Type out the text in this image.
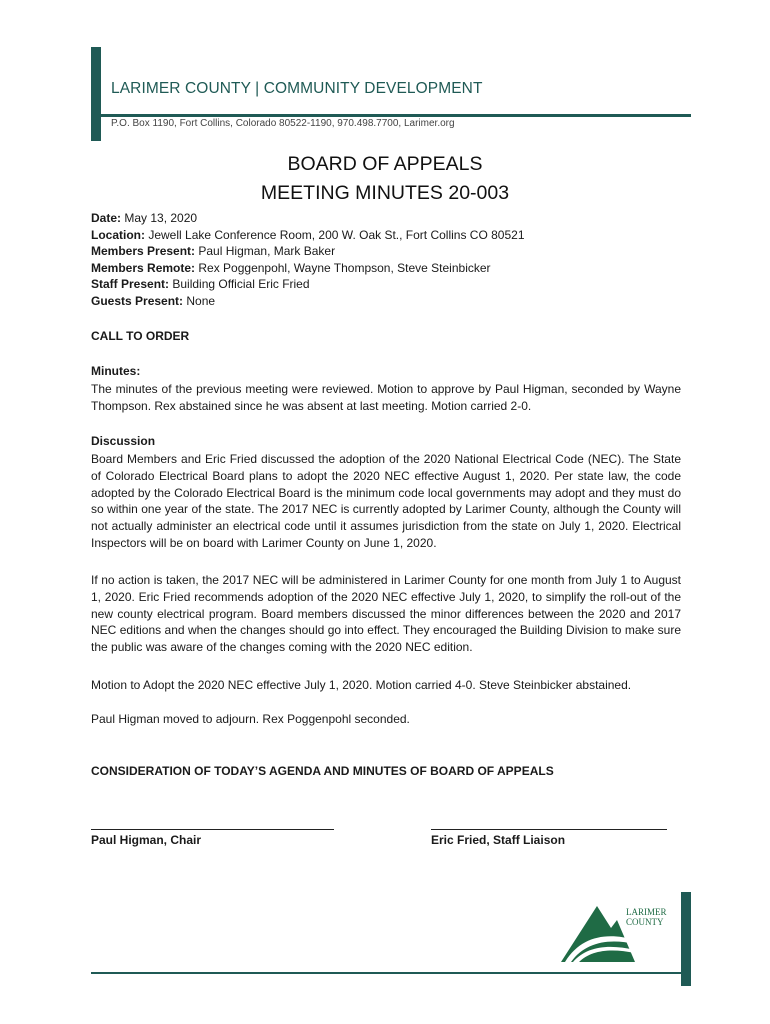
LARIMER COUNTY | COMMUNITY DEVELOPMENT
P.O. Box 1190, Fort Collins, Colorado 80522-1190, 970.498.7700, Larimer.org
BOARD OF APPEALS
MEETING MINUTES 20-003
Date: May 13, 2020
Location: Jewell Lake Conference Room, 200 W. Oak St., Fort Collins CO 80521
Members Present: Paul Higman, Mark Baker
Members Remote: Rex Poggenpohl, Wayne Thompson, Steve Steinbicker
Staff Present: Building Official Eric Fried
Guests Present: None
CALL TO ORDER
Minutes:
The minutes of the previous meeting were reviewed. Motion to approve by Paul Higman, seconded by Wayne Thompson. Rex abstained since he was absent at last meeting. Motion carried 2-0.
Discussion
Board Members and Eric Fried discussed the adoption of the 2020 National Electrical Code (NEC). The State of Colorado Electrical Board plans to adopt the 2020 NEC effective August 1, 2020. Per state law, the code adopted by the Colorado Electrical Board is the minimum code local governments may adopt and they must do so within one year of the state. The 2017 NEC is currently adopted by Larimer County, although the County will not actually administer an electrical code until it assumes jurisdiction from the state on July 1, 2020. Electrical Inspectors will be on board with Larimer County on June 1, 2020.
If no action is taken, the 2017 NEC will be administered in Larimer County for one month from July 1 to August 1, 2020. Eric Fried recommends adoption of the 2020 NEC effective July 1, 2020, to simplify the roll-out of the new county electrical program. Board members discussed the minor differences between the 2020 and 2017 NEC editions and when the changes should go into effect. They encouraged the Building Division to make sure the public was aware of the changes coming with the 2020 NEC edition.
Motion to Adopt the 2020 NEC effective July 1, 2020. Motion carried 4-0. Steve Steinbicker abstained.
Paul Higman moved to adjourn. Rex Poggenpohl seconded.
CONSIDERATION OF TODAY’S AGENDA AND MINUTES OF BOARD OF APPEALS
Paul Higman, Chair	Eric Fried, Staff Liaison
LARIMER
COUNTY
